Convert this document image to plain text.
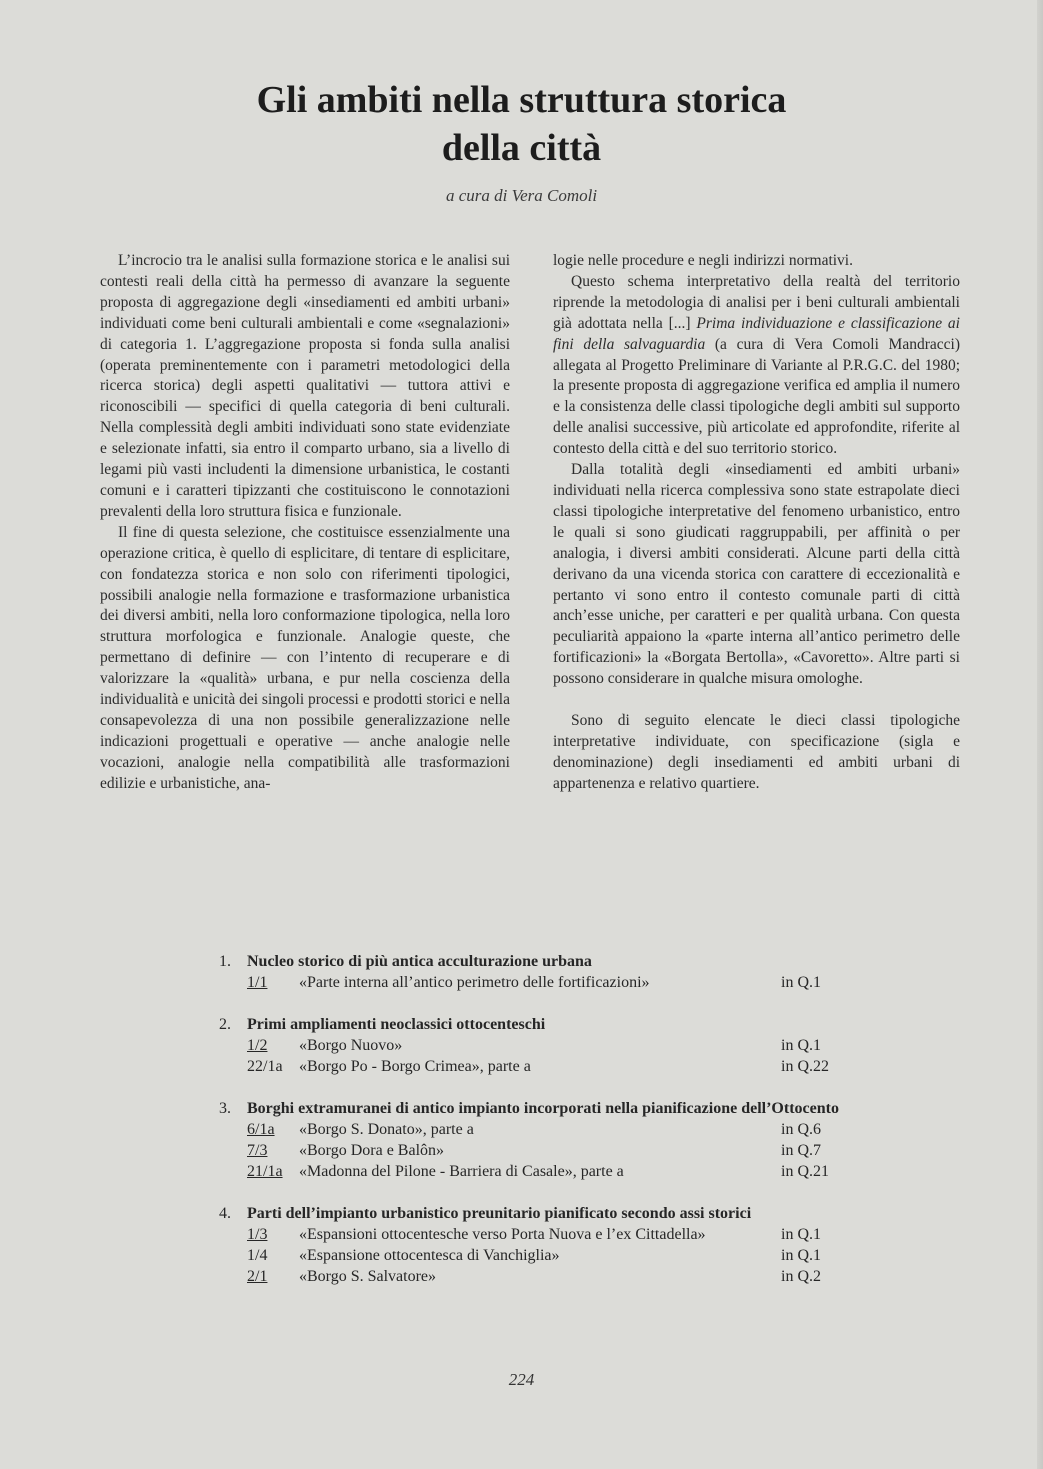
Gli ambiti nella struttura storica
della città
a cura di Vera Comoli

L’incrocio tra le analisi sulla formazione storica e le analisi sui contesti reali della città ha permesso di avanzare la seguente proposta di aggregazione degli «insediamenti ed ambiti urbani» individuati come beni culturali ambientali e come «segnalazioni» di categoria 1. L’aggregazione proposta si fonda sulla analisi (operata preminentemente con i parametri metodologici della ricerca storica) degli aspetti qualitativi — tuttora attivi e riconoscibili — specifici di quella categoria di beni culturali. Nella complessità degli ambiti individuati sono state evidenziate e selezionate infatti, sia entro il comparto urbano, sia a livello di legami più vasti includenti la dimensione urbanistica, le costanti comuni e i caratteri tipizzanti che costituiscono le connotazioni prevalenti della loro struttura fisica e funzionale.

Il fine di questa selezione, che costituisce essenzialmente una operazione critica, è quello di esplicitare, di tentare di esplicitare, con fondatezza storica e non solo con riferimenti tipologici, possibili analogie nella formazione e trasformazione urbanistica dei diversi ambiti, nella loro conformazione tipologica, nella loro struttura morfologica e funzionale. Analogie queste, che permettano di definire — con l’intento di recuperare e di valorizzare la «qualità» urbana, e pur nella coscienza della individualità e unicità dei singoli processi e prodotti storici e nella consapevolezza di una non possibile generalizzazione nelle indicazioni progettuali e operative — anche analogie nelle vocazioni, analogie nella compatibilità alle trasformazioni edilizie e urbanistiche, ana-

logie nelle procedure e negli indirizzi normativi.

Questo schema interpretativo della realtà del territorio riprende la metodologia di analisi per i beni culturali ambientali già adottata nella [...] Prima individuazione e classificazione ai fini della salvaguardia (a cura di Vera Comoli Mandracci) allegata al Progetto Preliminare di Variante al P.R.G.C. del 1980; la presente proposta di aggregazione verifica ed amplia il numero e la consistenza delle classi tipologiche degli ambiti sul supporto delle analisi successive, più articolate ed approfondite, riferite al contesto della città e del suo territorio storico.

Dalla totalità degli «insediamenti ed ambiti urbani» individuati nella ricerca complessiva sono state estrapolate dieci classi tipologiche interpretative del fenomeno urbanistico, entro le quali si sono giudicati raggruppabili, per affinità o per analogia, i diversi ambiti considerati. Alcune parti della città derivano da una vicenda storica con carattere di eccezionalità e pertanto vi sono entro il contesto comunale parti di città anch’esse uniche, per caratteri e per qualità urbana. Con questa peculiarità appaiono la «parte interna all’antico perimetro delle fortificazioni» la «Borgata Bertolla», «Cavoretto». Altre parti si possono considerare in qualche misura omologhe.

Sono di seguito elencate le dieci classi tipologiche interpretative individuate, con specificazione (sigla e denominazione) degli insediamenti ed ambiti urbani di appartenenza e relativo quartiere.

1.	Nucleo storico di più antica acculturazione urbana
1/1	«Parte interna all’antico perimetro delle fortificazioni»	in Q.1
2.	Primi ampliamenti neoclassici ottocenteschi
1/2	«Borgo Nuovo»	in Q.1
22/1a	«Borgo Po - Borgo Crimea», parte a	in Q.22
3.	Borghi extramuranei di antico impianto incorporati nella pianificazione dell’Ottocento
6/1a	«Borgo S. Donato», parte a	in Q.6
7/3	«Borgo Dora e Balôn»	in Q.7
21/1a	«Madonna del Pilone - Barriera di Casale», parte a	in Q.21
4.	Parti dell’impianto urbanistico preunitario pianificato secondo assi storici
1/3	«Espansioni ottocentesche verso Porta Nuova e l’ex Cittadella»	in Q.1
1/4	«Espansione ottocentesca di Vanchiglia»	in Q.1
2/1	«Borgo S. Salvatore»	in Q.2
224
